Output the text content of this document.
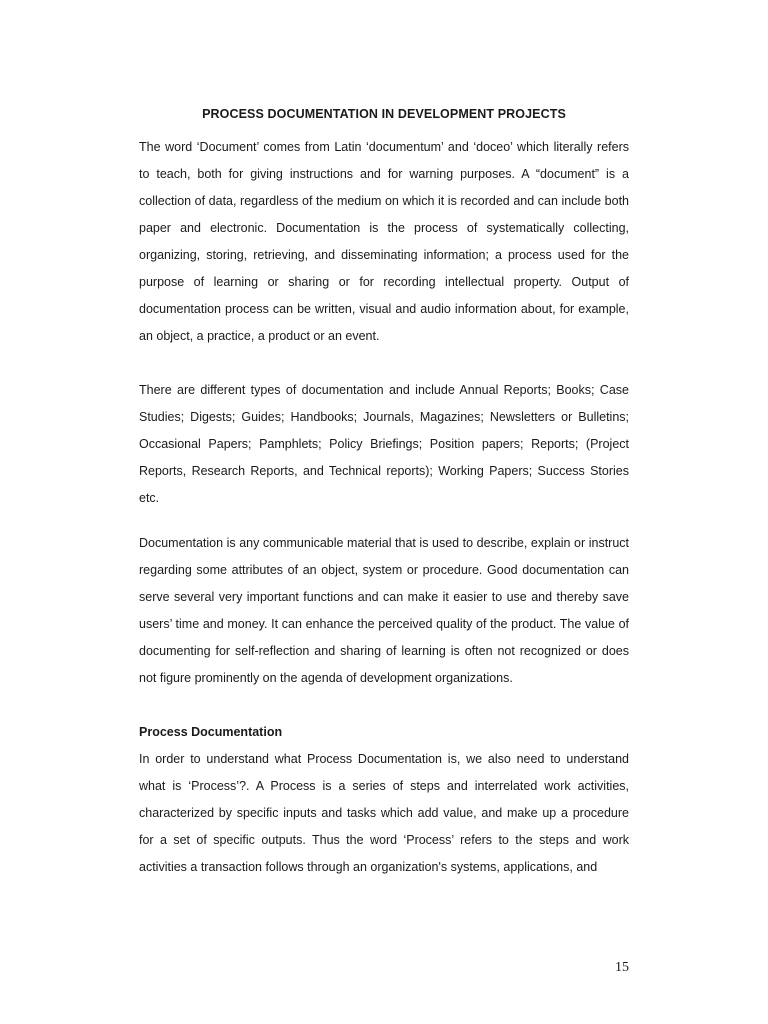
PROCESS DOCUMENTATION IN DEVELOPMENT PROJECTS

The word ‘Document’ comes from Latin ‘documentum’ and ‘doceo’ which literally refers to teach, both for giving instructions and for warning purposes. A “document” is a collection of data, regardless of the medium on which it is recorded and can include both paper and electronic. Documentation is the process of systematically collecting, organizing, storing, retrieving, and disseminating information; a process used for the purpose of learning or sharing or for recording intellectual property. Output of documentation process can be written, visual and audio information about, for example, an object, a practice, a product or an event.

There are different types of documentation and include Annual Reports; Books; Case Studies; Digests; Guides; Handbooks; Journals, Magazines; Newsletters or Bulletins; Occasional Papers; Pamphlets; Policy Briefings; Position papers; Reports; (Project Reports, Research Reports, and Technical reports); Working Papers; Success Stories etc.

Documentation is any communicable material that is used to describe, explain or instruct regarding some attributes of an object, system or procedure. Good documentation can serve several very important functions and can make it easier to use and thereby save users’ time and money. It can enhance the perceived quality of the product. The value of documenting for self-reflection and sharing of learning is often not recognized or does not figure prominently on the agenda of development organizations.

Process Documentation

In order to understand what Process Documentation is, we also need to understand what is ‘Process’?. A Process is a series of steps and interrelated work activities, characterized by specific inputs and tasks which add value, and make up a procedure for a set of specific outputs. Thus the word ‘Process’ refers to the steps and work activities a transaction follows through an organization's systems, applications, and

15
